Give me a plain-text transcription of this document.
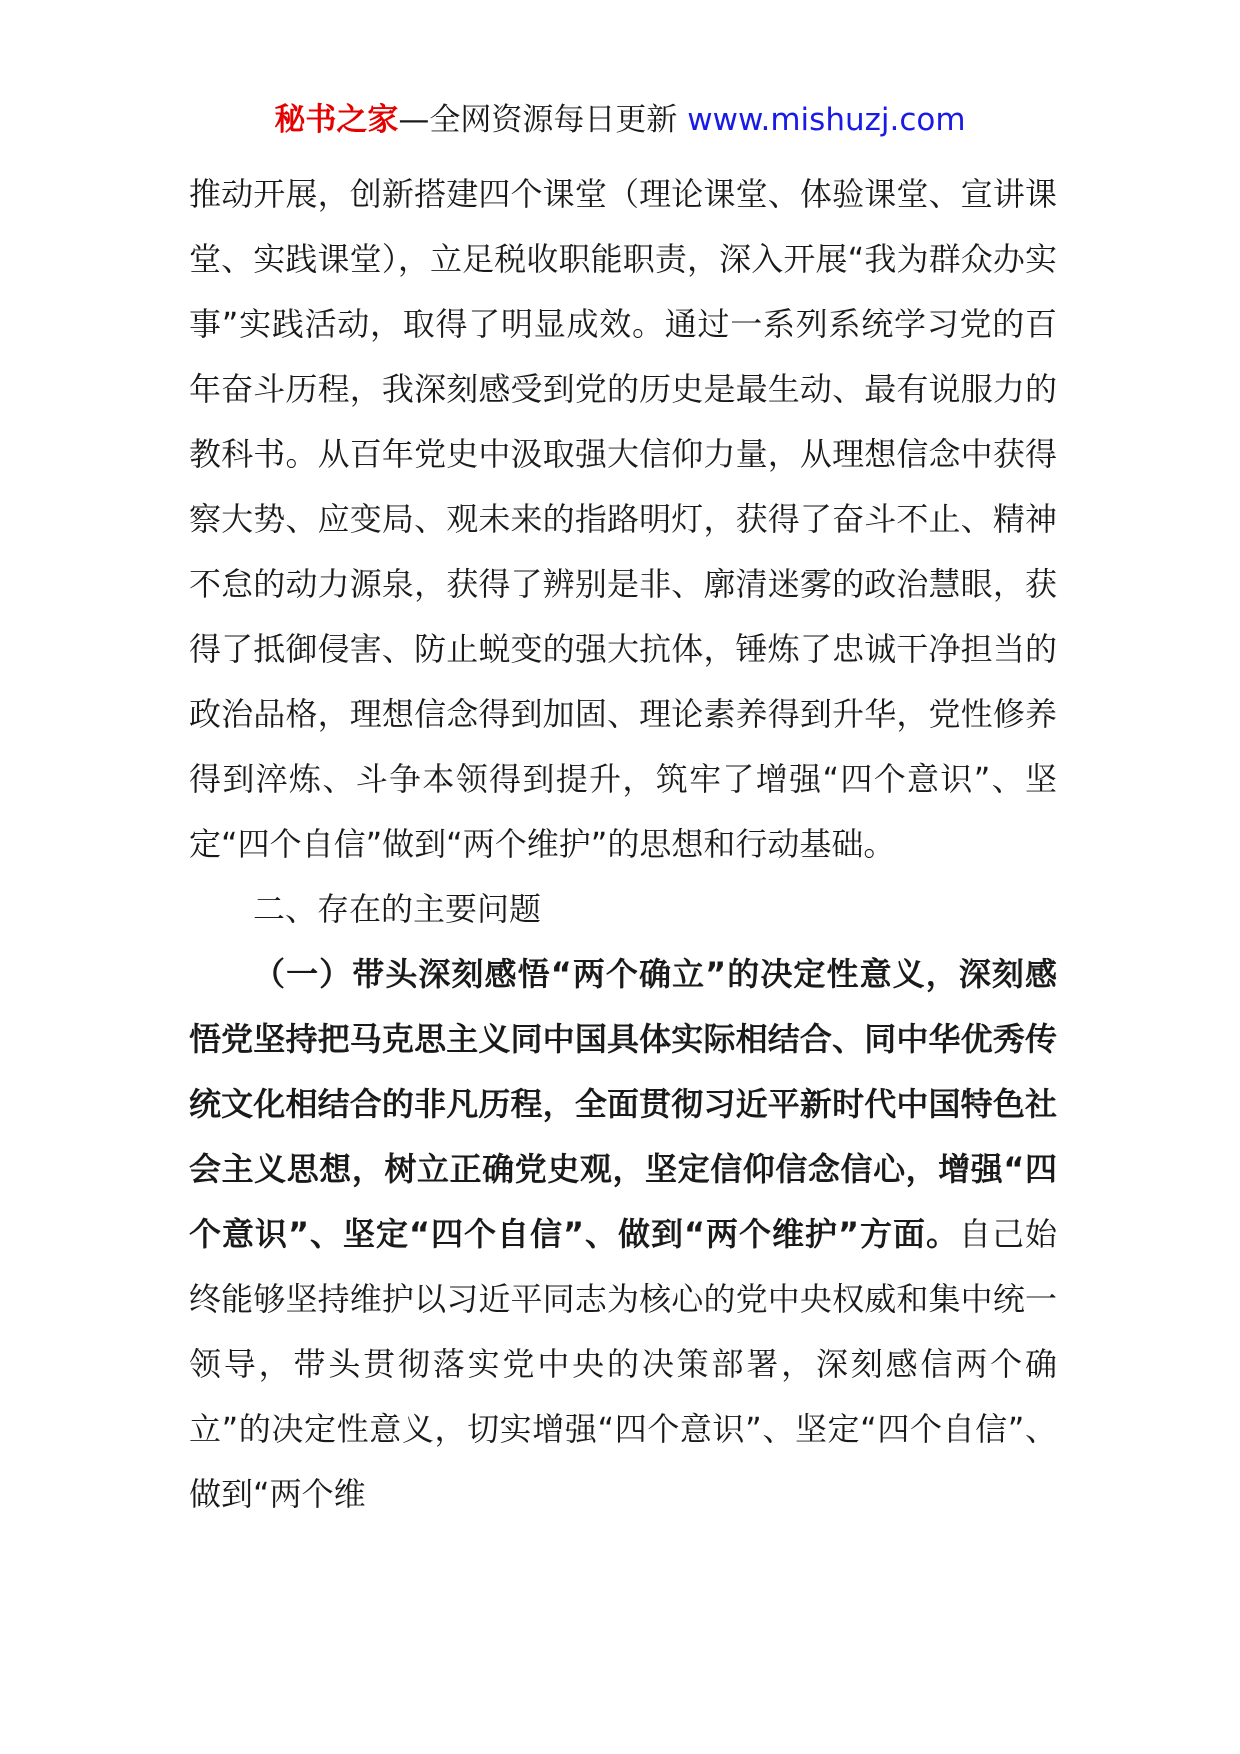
秘书之家—全网资源每日更新 www.mishuzj.com

推动开展，创新搭建四个课堂（理论课堂、体验课堂、宣讲课堂、实践课堂），立足税收职能职责，深入开展“我为群众办实事”实践活动，取得了明显成效。通过一系列系统学习党的百年奋斗历程，我深刻感受到党的历史是最生动、最有说服力的教科书。从百年党史中汲取强大信仰力量，从理想信念中获得察大势、应变局、观未来的指路明灯，获得了奋斗不止、精神不怠的动力源泉，获得了辨别是非、廓清迷雾的政治慧眼，获得了抵御侵害、防止蜕变的强大抗体，锤炼了忠诚干净担当的政治品格，理想信念得到加固、理论素养得到升华，党性修养得到淬炼、斗争本领得到提升，筑牢了增强“四个意识”、坚定“四个自信”做到“两个维护”的思想和行动基础。

二、存在的主要问题

（一）带头深刻感悟“两个确立”的决定性意义，深刻感悟党坚持把马克思主义同中国具体实际相结合、同中华优秀传统文化相结合的非凡历程，全面贯彻习近平新时代中国特色社会主义思想，树立正确党史观，坚定信仰信念信心，增强“四个意识”、坚定“四个自信”、做到“两个维护”方面。自己始终能够坚持维护以习近平同志为核心的党中央权威和集中统一领导，带头贯彻落实党中央的决策部署，深刻感信两个确立”的决定性意义，切实增强“四个意识”、坚定“四个自信”、做到“两个维
